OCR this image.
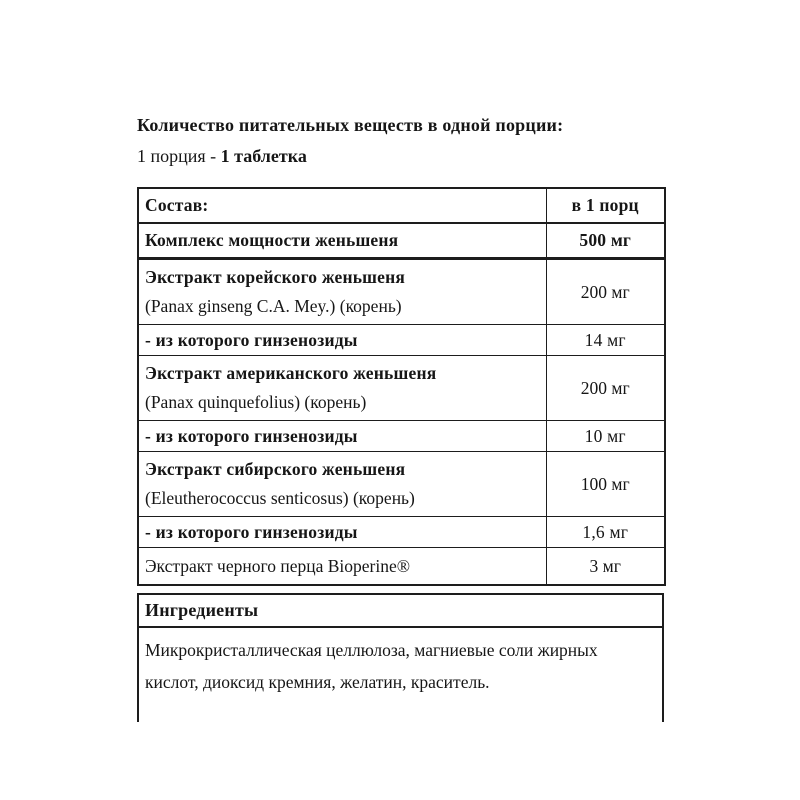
Количество питательных веществ в одной порции:
1 порция - 1 таблетка
Состав:	в 1 порц
Комплекс мощности женьшеня	500 мг

Экстракт корейского женьшеня
(Panax ginseng C.A. Mey.) (корень)	200 мг
- из которого гинзенозиды	14 мг

Экстракт американского женьшеня
(Panax quinquefolius) (корень)	200 мг
- из которого гинзенозиды	10 мг

Экстракт сибирского женьшеня
(Eleutherococcus senticosus) (корень)	100 мг
- из которого гинзенозиды	1,6 мг
Экстракт черного перца Bioperine®	3 мг
Ингредиенты
Микрокристаллическая целлюлоза, магниевые соли жирных кислот, диоксид кремния, желатин, краситель.
